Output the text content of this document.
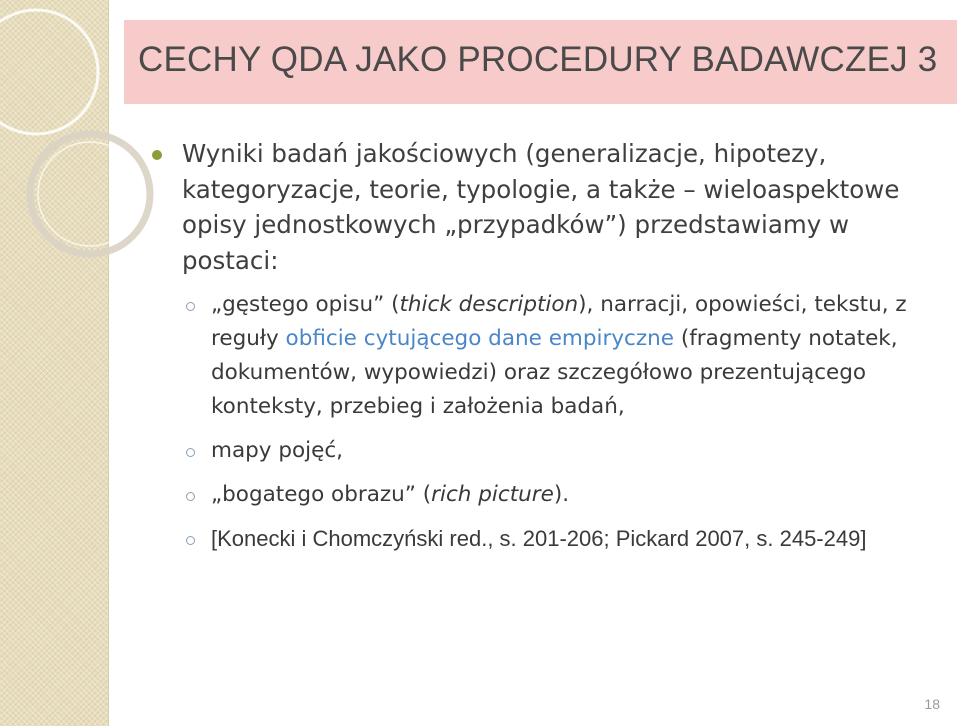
CECHY QDA JAKO PROCEDURY BADAWCZEJ 3
Wyniki badań jakościowych (generalizacje, hipotezy, kategoryzacje, teorie, typologie, a także – wieloaspektowe opisy jednostkowych „przypadków”) przedstawiamy w postaci:
„gęstego opisu” (thick description), narracji, opowieści, tekstu, z reguły obficie cytującego dane empiryczne (fragmenty notatek, dokumentów, wypowiedzi) oraz szczegółowo prezentującego konteksty, przebieg i założenia badań,
mapy pojęć,
„bogatego obrazu” (rich picture).
[Konecki i Chomczyński red., s. 201-206; Pickard 2007, s. 245-249]
18
